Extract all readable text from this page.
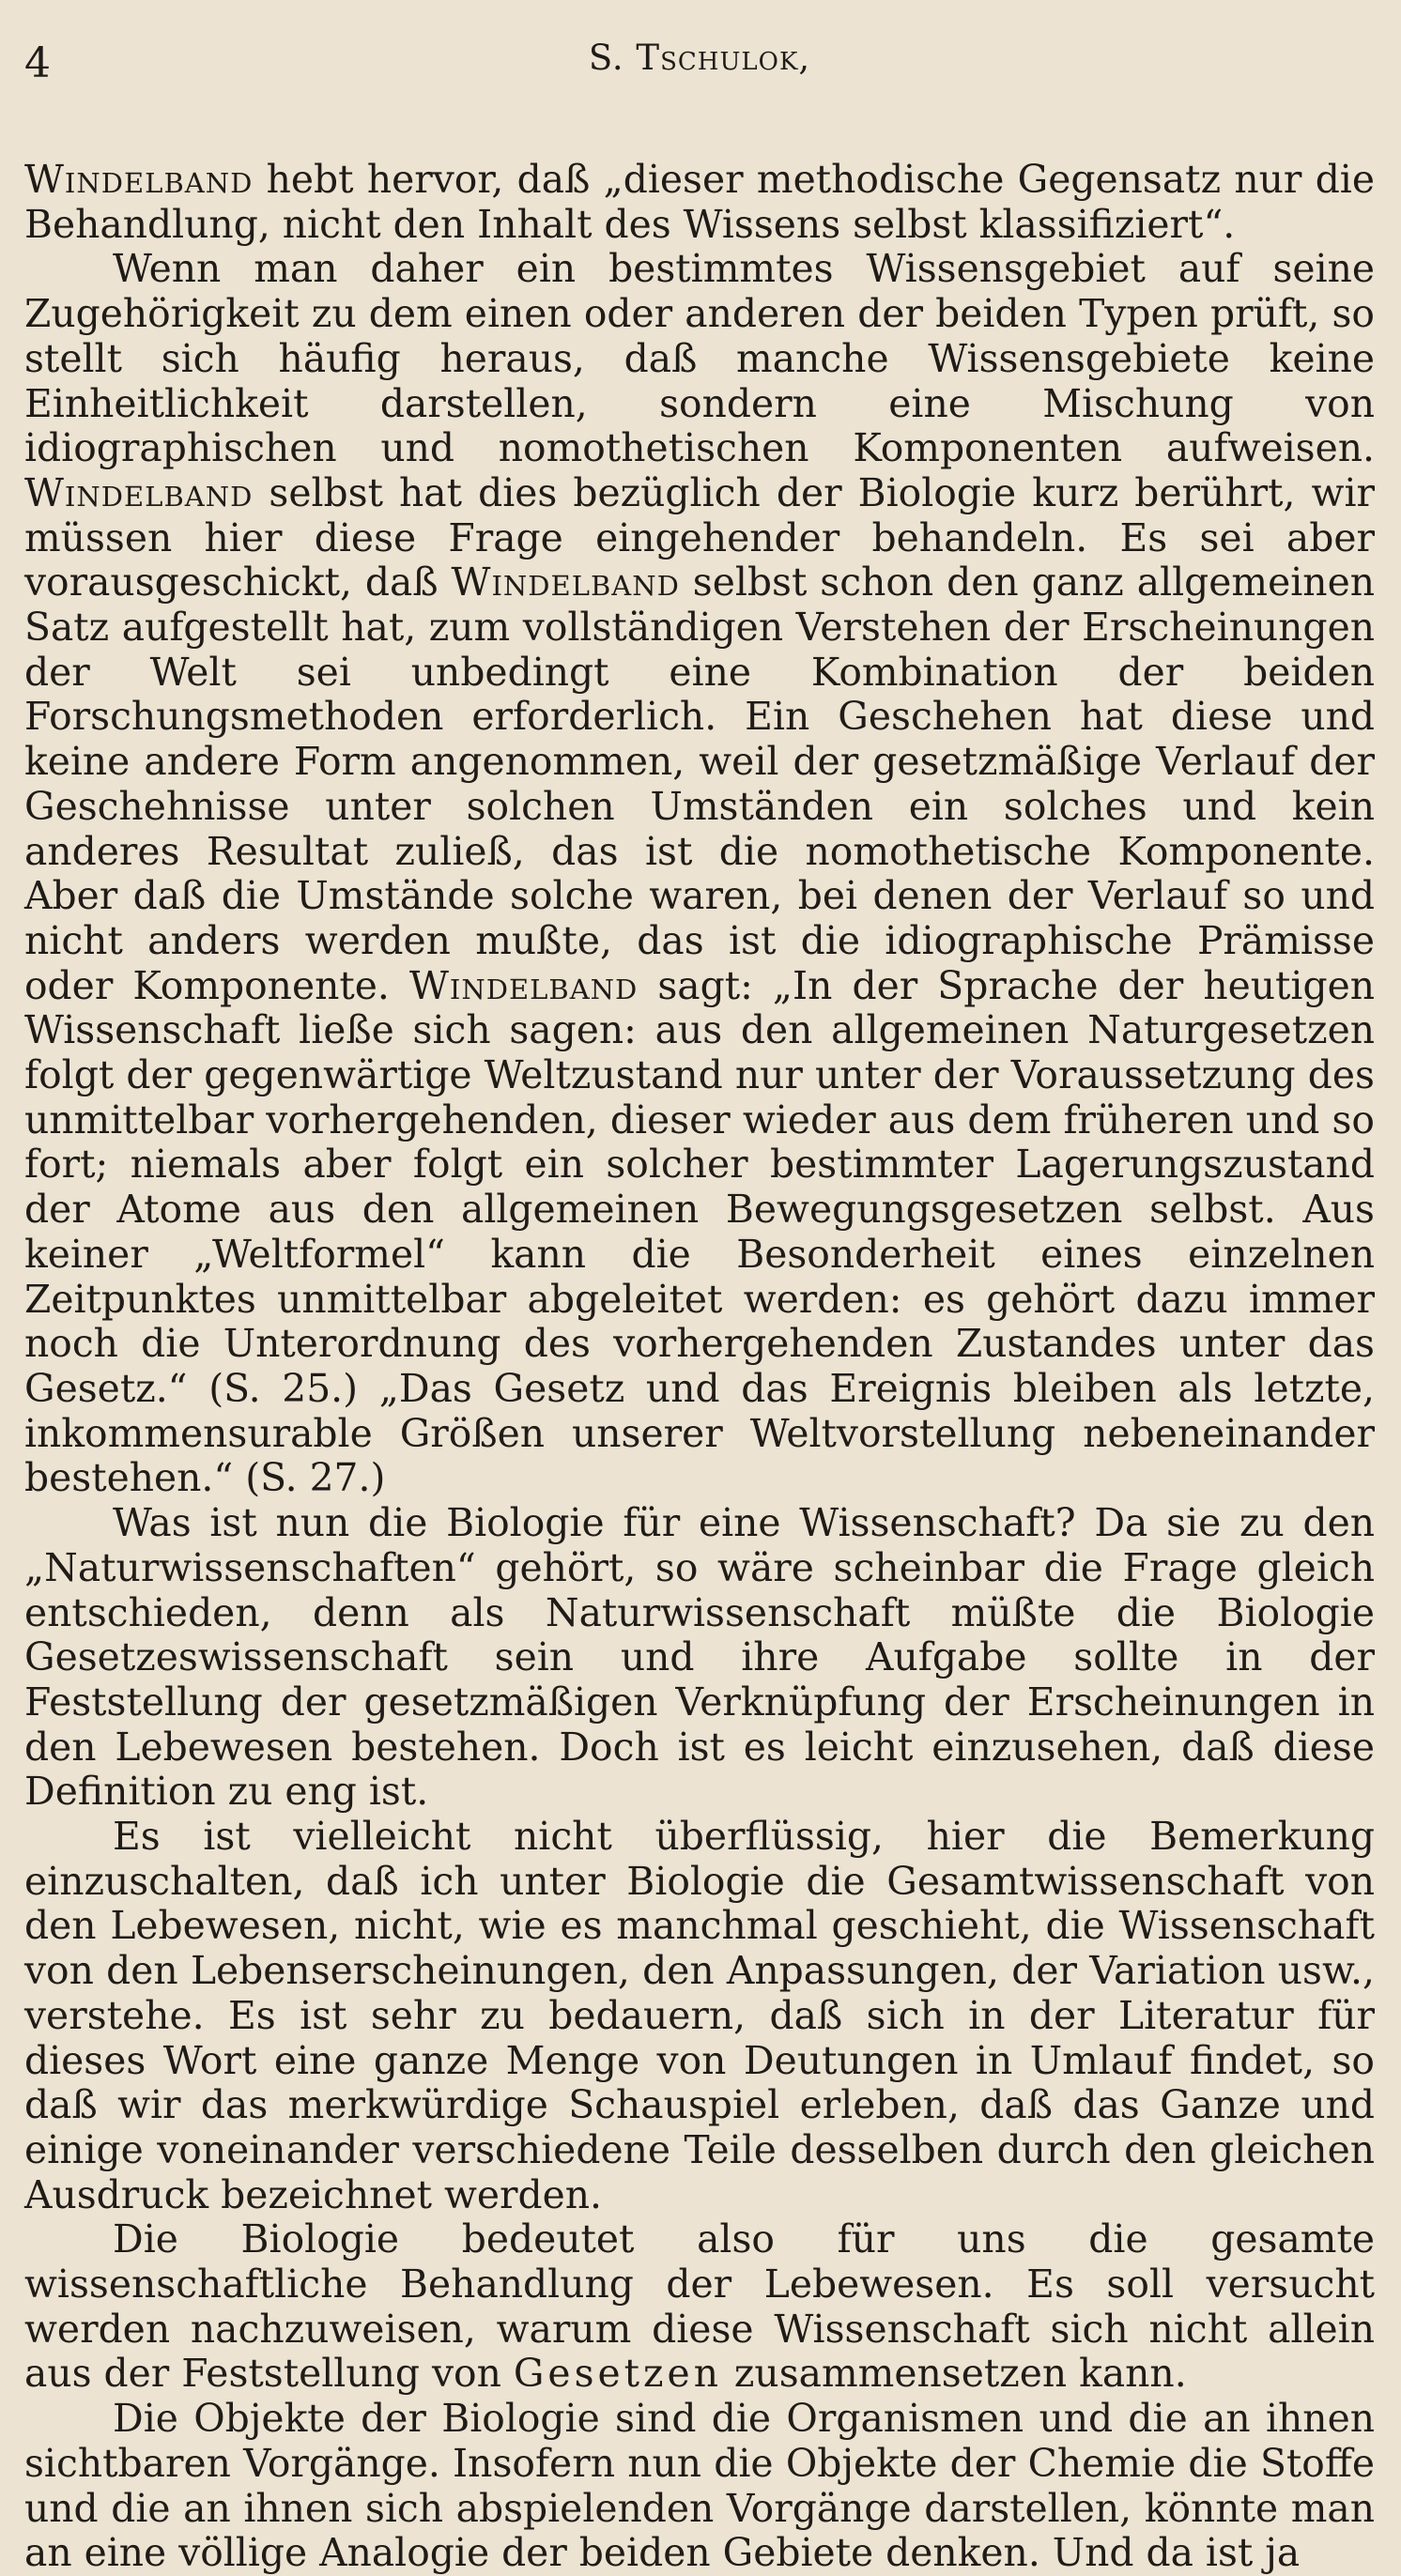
4	S. Tschulok,

Windelband hebt hervor, daß „dieser methodische Gegensatz nur die Behandlung, nicht den Inhalt des Wissens selbst klassifiziert“.

Wenn man daher ein bestimmtes Wissensgebiet auf seine Zugehörigkeit zu dem einen oder anderen der beiden Typen prüft, so stellt sich häufig heraus, daß manche Wissensgebiete keine Einheitlichkeit darstellen, sondern eine Mischung von idiographischen und nomothetischen Komponenten aufweisen. Windelband selbst hat dies bezüglich der Biologie kurz berührt, wir müssen hier diese Frage eingehender behandeln. Es sei aber vorausgeschickt, daß Windelband selbst schon den ganz allgemeinen Satz aufgestellt hat, zum vollständigen Verstehen der Erscheinungen der Welt sei unbedingt eine Kombination der beiden Forschungsmethoden erforderlich. Ein Geschehen hat diese und keine andere Form angenommen, weil der gesetzmäßige Verlauf der Geschehnisse unter solchen Umständen ein solches und kein anderes Resultat zuließ, das ist die nomothetische Komponente. Aber daß die Umstände solche waren, bei denen der Verlauf so und nicht anders werden mußte, das ist die idiographische Prämisse oder Komponente. Windelband sagt: „In der Sprache der heutigen Wissenschaft ließe sich sagen: aus den allgemeinen Naturgesetzen folgt der gegenwärtige Weltzustand nur unter der Voraussetzung des unmittelbar vorhergehenden, dieser wieder aus dem früheren und so fort; niemals aber folgt ein solcher bestimmter Lagerungszustand der Atome aus den allgemeinen Bewegungsgesetzen selbst. Aus keiner „Weltformel“ kann die Besonderheit eines einzelnen Zeitpunktes unmittelbar abgeleitet werden: es gehört dazu immer noch die Unterordnung des vorhergehenden Zustandes unter das Gesetz.“ (S. 25.) „Das Gesetz und das Ereignis bleiben als letzte, inkommensurable Größen unserer Weltvorstellung nebeneinander bestehen.“ (S. 27.)

Was ist nun die Biologie für eine Wissenschaft? Da sie zu den „Naturwissenschaften“ gehört, so wäre scheinbar die Frage gleich entschieden, denn als Naturwissenschaft müßte die Biologie Gesetzeswissenschaft sein und ihre Aufgabe sollte in der Feststellung der gesetzmäßigen Verknüpfung der Erscheinungen in den Lebewesen bestehen. Doch ist es leicht einzusehen, daß diese Definition zu eng ist.

Es ist vielleicht nicht überflüssig, hier die Bemerkung einzuschalten, daß ich unter Biologie die Gesamtwissenschaft von den Lebewesen, nicht, wie es manchmal geschieht, die Wissenschaft von den Lebenserscheinungen, den Anpassungen, der Variation usw., verstehe. Es ist sehr zu bedauern, daß sich in der Literatur für dieses Wort eine ganze Menge von Deutungen in Umlauf findet, so daß wir das merkwürdige Schauspiel erleben, daß das Ganze und einige voneinander verschiedene Teile desselben durch den gleichen Ausdruck bezeichnet werden.

Die Biologie bedeutet also für uns die gesamte wissenschaftliche Behandlung der Lebewesen. Es soll versucht werden nachzuweisen, warum diese Wissenschaft sich nicht allein aus der Feststellung von Gesetzen zusammensetzen kann.

Die Objekte der Biologie sind die Organismen und die an ihnen sichtbaren Vorgänge. Insofern nun die Objekte der Chemie die Stoffe und die an ihnen sich abspielenden Vorgänge darstellen, könnte man an eine völlige Analogie der beiden Gebiete denken. Und da ist ja
